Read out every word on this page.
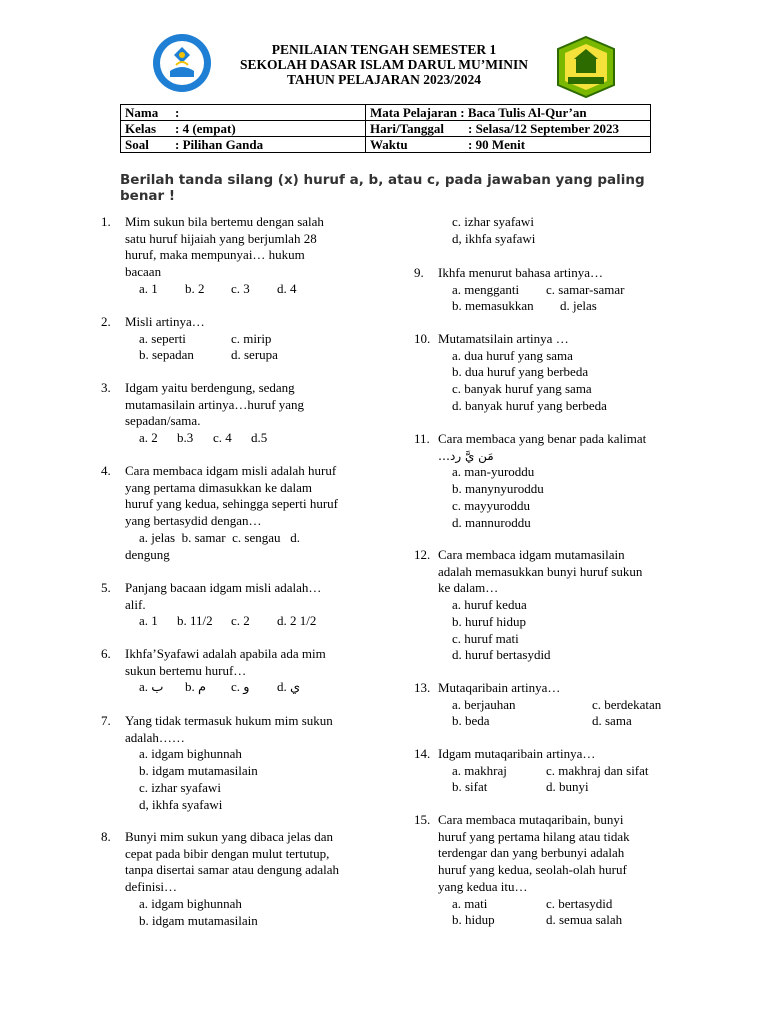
PENILAIAN TENGAH SEMESTER 1
SEKOLAH DASAR ISLAM DARUL MU’MININ
TAHUN PELAJARAN 2023/2024
Nama :	Mata Pelajaran : Baca Tulis Al-Qur’an
Kelas : 4 (empat)	Hari/Tanggal : Selasa/12 September 2023
Soal : Pilihan Ganda	Waktu : 90 Menit
Berilah tanda silang (x) huruf a, b, atau c, pada jawaban yang paling benar !
1. Mim sukun bila bertemu dengan salah
satu huruf hijaiah yang berjumlah 28
huruf, maka mempunyai… hukum
bacaan
a. 1 b. 2 c. 3 d. 4
2. Misli artinya…
a. seperti	c. mirip
b. sepadan	d. serupa
3. Idgam yaitu berdengung, sedang
mutamasilain artinya…huruf yang
sepadan/sama.
a. 2 b.3 c. 4 d.5
4. Cara membaca idgam misli adalah huruf
yang pertama dimasukkan ke dalam
huruf yang kedua, sehingga seperti huruf
yang bertasydid dengan…
a. jelas  b. samar  c. sengau   d.
dengung
5. Panjang bacaan idgam misli adalah…
alif.
a. 1 b. 11/2 c. 2 d. 2 1/2
6. Ikhfa’Syafawi adalah apabila ada mim
sukun bertemu huruf…
a. ب b. م c. و d. ي
7. Yang tidak termasuk hukum mim sukun
adalah……
a. idgam bighunnah
b. idgam mutamasilain
c. izhar syafawi
d, ikhfa syafawi
8. Bunyi mim sukun yang dibaca jelas dan
cepat pada bibir dengan mulut tertutup,
tanpa disertai samar atau dengung adalah
definisi…
a. idgam bighunnah
b. idgam mutamasilain
c. izhar syafawi
d, ikhfa syafawi
9. Ikhfa menurut bahasa artinya…
a. mengganti c. samar-samar
b. memasukkan d. jelas
10. Mutamatsilain artinya …
a. dua huruf yang sama
b. dua huruf yang berbeda
c. banyak huruf yang sama
d. banyak huruf yang berbeda
11. Cara membaca yang benar pada kalimat
…مَن يَّ رد
a. man-yuroddu
b. manynyuroddu
c. mayyuroddu
d. mannuroddu
12. Cara membaca idgam mutamasilain
adalah memasukkan bunyi huruf sukun
ke dalam…
a. huruf kedua
b. huruf hidup
c. huruf mati
d. huruf bertasydid
13. Mutaqaribain artinya…
a. berjauhan	c. berdekatan
b. beda	d. sama
14. Idgam mutaqaribain artinya…
a. makhraj	c. makhraj dan sifat
b. sifat	d. bunyi
15. Cara membaca mutaqaribain, bunyi
huruf yang pertama hilang atau tidak
terdengar dan yang berbunyi adalah
huruf yang kedua, seolah-olah huruf
yang kedua itu…
a. mati	c. bertasydid
b. hidup	d. semua salah
